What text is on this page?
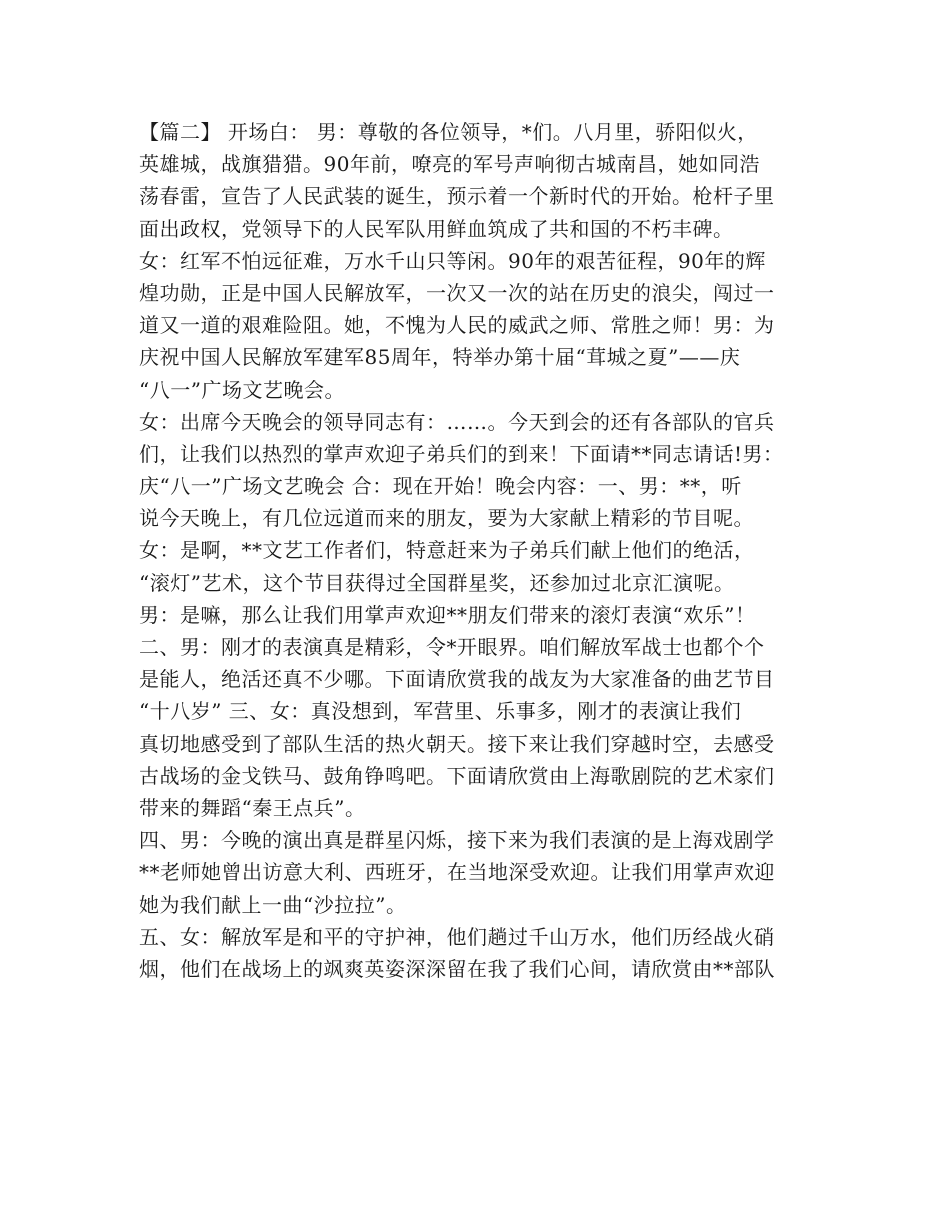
【篇二】 开场白： 男：尊敬的各位领导，*们。八月里，骄阳似火，
英雄城，战旗猎猎。90年前，嘹亮的军号声响彻古城南昌，她如同浩
荡春雷，宣告了人民武装的诞生，预示着一个新时代的开始。枪杆子里
面出政权，党领导下的人民军队用鲜血筑成了共和国的不朽丰碑。
女：红军不怕远征难，万水千山只等闲。90年的艰苦征程，90年的辉
煌功勋，正是中国人民解放军，一次又一次的站在历史的浪尖，闯过一
道又一道的艰难险阻。她，不愧为人民的威武之师、常胜之师！男：为
庆祝中国人民解放军建军85周年，特举办第十届“茸城之夏”——庆
“八一”广场文艺晚会。
女：出席今天晚会的领导同志有：……。今天到会的还有各部队的官兵
们，让我们以热烈的掌声欢迎子弟兵们的到来！下面请**同志请话!男：
庆“八一”广场文艺晚会 合：现在开始！晚会内容：一、男：**，听
说今天晚上，有几位远道而来的朋友，要为大家献上精彩的节目呢。
女：是啊，**文艺工作者们，特意赶来为子弟兵们献上他们的绝活，
“滚灯”艺术，这个节目获得过全国群星奖，还参加过北京汇演呢。
男：是嘛，那么让我们用掌声欢迎**朋友们带来的滚灯表演“欢乐”！
二、男：刚才的表演真是精彩，令*开眼界。咱们解放军战士也都个个
是能人，绝活还真不少哪。下面请欣赏我的战友为大家准备的曲艺节目
“十八岁” 三、女：真没想到，军营里、乐事多，刚才的表演让我们
真切地感受到了部队生活的热火朝天。接下来让我们穿越时空，去感受
古战场的金戈铁马、鼓角铮鸣吧。下面请欣赏由上海歌剧院的艺术家们
带来的舞蹈“秦王点兵”。
四、男：今晚的演出真是群星闪烁，接下来为我们表演的是上海戏剧学
**老师她曾出访意大利、西班牙，在当地深受欢迎。让我们用掌声欢迎
她为我们献上一曲“沙拉拉”。
五、女：解放军是和平的守护神，他们趟过千山万水，他们历经战火硝
烟，他们在战场上的飒爽英姿深深留在我了我们心间，请欣赏由**部队
